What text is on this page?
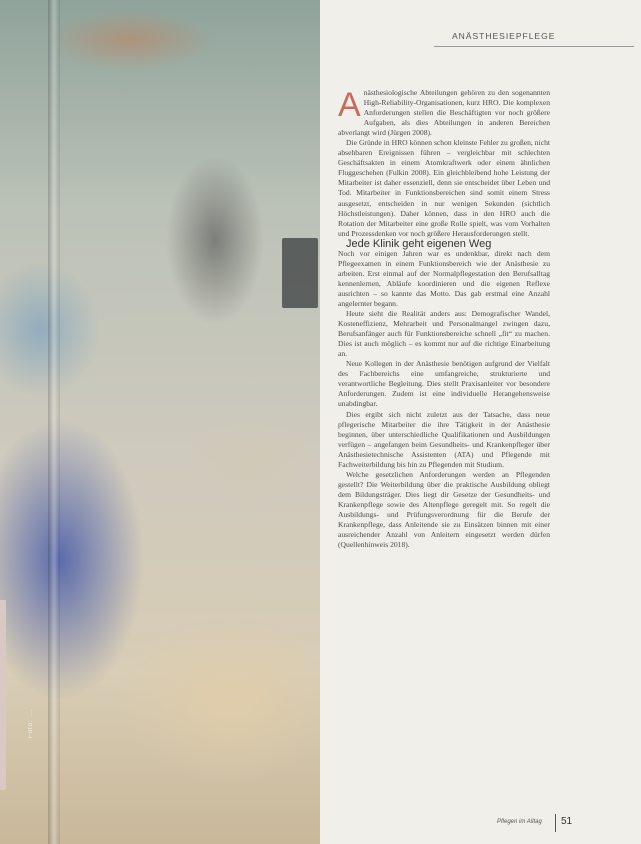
Foto: ...
ANÄSTHESIEPFLEGE

A nästhesiologische Abteilungen gehören zu den sogenannten High-Reliability-Organisationen, kurz HRO. Die komplexen Anforderungen stellen die Beschäftigten vor noch größere Aufgaben, als dies Abteilungen in anderen Bereichen abverlangt wird (Jürgen 2008).

Die Gründe in HRO können schon kleinste Fehler zu großen, nicht absehbaren Ereignissen führen – vergleichbar mit schlechten Geschäftsakten in einem Atomkraftwerk oder einem ähnlichen Fluggeschehen (Fulkin 2008). Ein gleichbleibend hohe Leistung der Mitarbeiter ist daher essenziell, denn sie entscheidet über Leben und Tod. Mitarbeiter in Funktionsbereichen sind somit einem Stress ausgesetzt, entscheiden in nur wenigen Sekunden (sichtlich Höchstleistungen). Daher können, dass in den HRO auch die Rotation der Mitarbeiter eine große Rolle spielt, was vom Vorhalten und Prozessdenken vor noch größere Herausforderungen stellt.

Jede Klinik geht eigenen Weg

Noch vor einigen Jahren war es undenkbar, direkt nach dem Pflegeexamen in einem Funktionsbereich wie der Anästhesie zu arbeiten. Erst einmal auf der Normalpflegestation den Berufsalltag kennenlernen, Abläufe koordinieren und die eigenen Reflexe ausrichten – so kannte das Motto. Das gab erstmal eine Anzahl angelernter begann.

Heute sieht die Realität anders aus: Demografischer Wandel, Kosteneffizienz, Mehrarbeit und Personalmangel zwingen dazu, Berufsanfänger auch für Funktionsbereiche schnell „fit“ zu machen. Dies ist auch möglich – es kommt nur auf die richtige Einarbeitung an.

Neue Kollegen in der Anästhesie benötigen aufgrund der Vielfalt des Fachbereichs eine umfangreiche, strukturierte und verantwortliche Begleitung. Dies stellt Praxisanleiter vor besondere Anforderungen. Zudem ist eine individuelle Herangehensweise unabdingbar.

Dies ergibt sich nicht zuletzt aus der Tatsache, dass neue pflegerische Mitarbeiter die ihre Tätigkeit in der Anästhesie beginnen, über unterschiedliche Qualifikationen und Ausbildungen verfügen – angefangen beim Gesundheits- und Krankenpfleger über Anästhesietechnische Assistenten (ATA) und Pflegende mit Fachweiterbildung bis hin zu Pflegenden mit Studium.

Welche gesetzlichen Anforderungen werden an Pflegenden gestellt? Die Weiterbildung über die praktische Ausbildung obliegt dem Bildungsträger. Dies liegt dir Gesetze der Gesundheits- und Krankenpflege sowie des Altenpflege geregelt mit. So regelt die Ausbildungs- und Prüfungsverordnung für die Berufe der Krankenpflege, dass Anleitende sie zu Einsätzen binnen mit einer ausreichender Anzahl von Anleitern eingesetzt werden dürfen (Quellenhinweis 2018).

Pflegen im Alltag 51
